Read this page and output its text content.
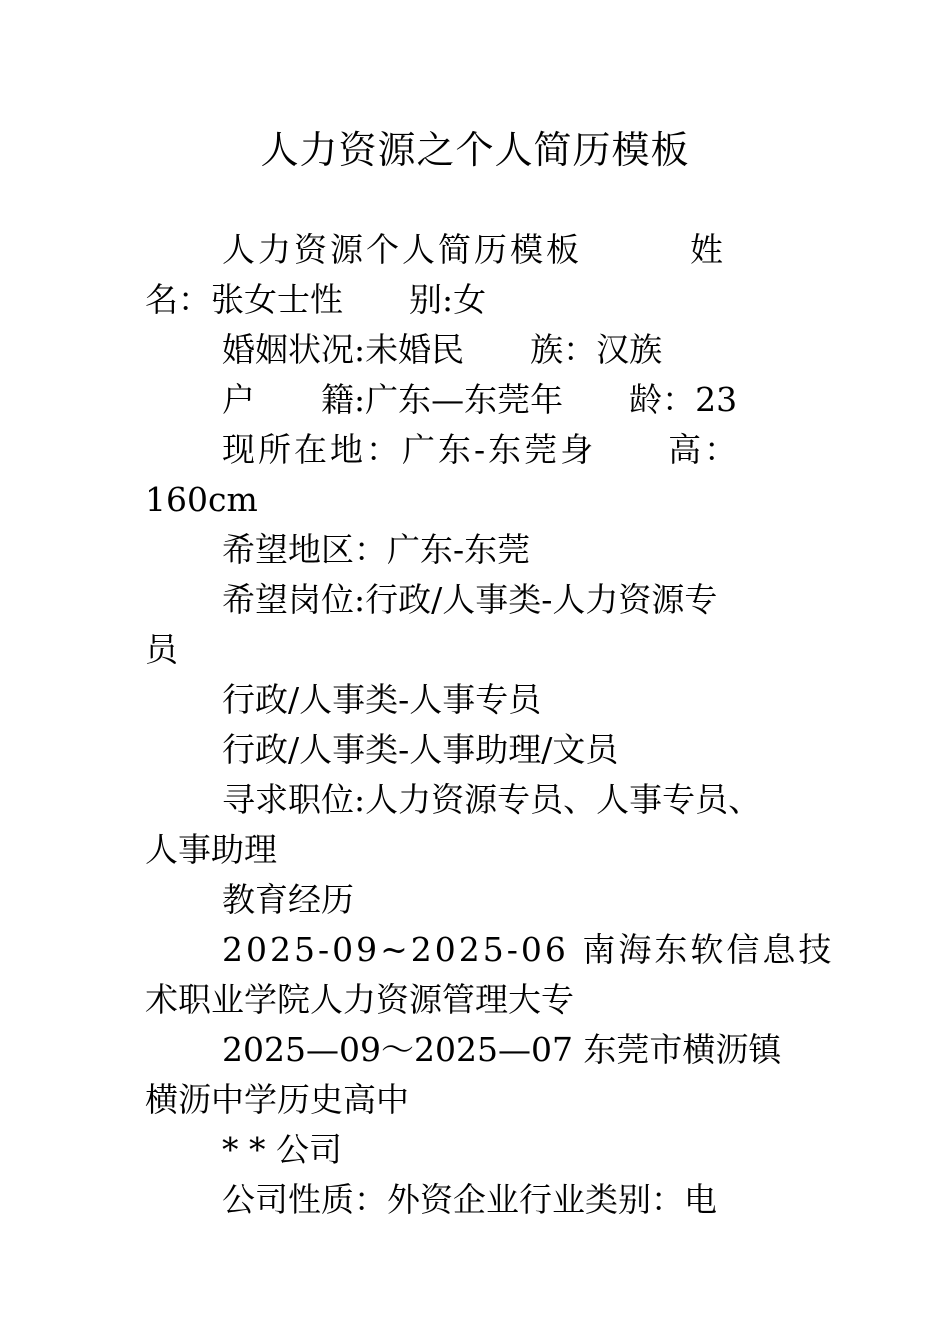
人力资源之个人简历模板
人力资源个人简历模板　　　姓
名：张女士性　　别:女
婚姻状况:未婚民　　族：汉族
户　　籍:广东—东莞年　　龄：23
现所在地：广东-东莞身　　高：
160cm
希望地区：广东-东莞
希望岗位:行政/人事类-人力资源专
员
行政/人事类-人事专员
行政/人事类-人事助理/文员
寻求职位:人力资源专员、人事专员、
人事助理
教育经历
2025-09~2025-06 南海东软信息技
术职业学院人力资源管理大专
2025—09～2025—07 东莞市横沥镇
横沥中学历史高中
* * 公司
公司性质：外资企业行业类别：电
